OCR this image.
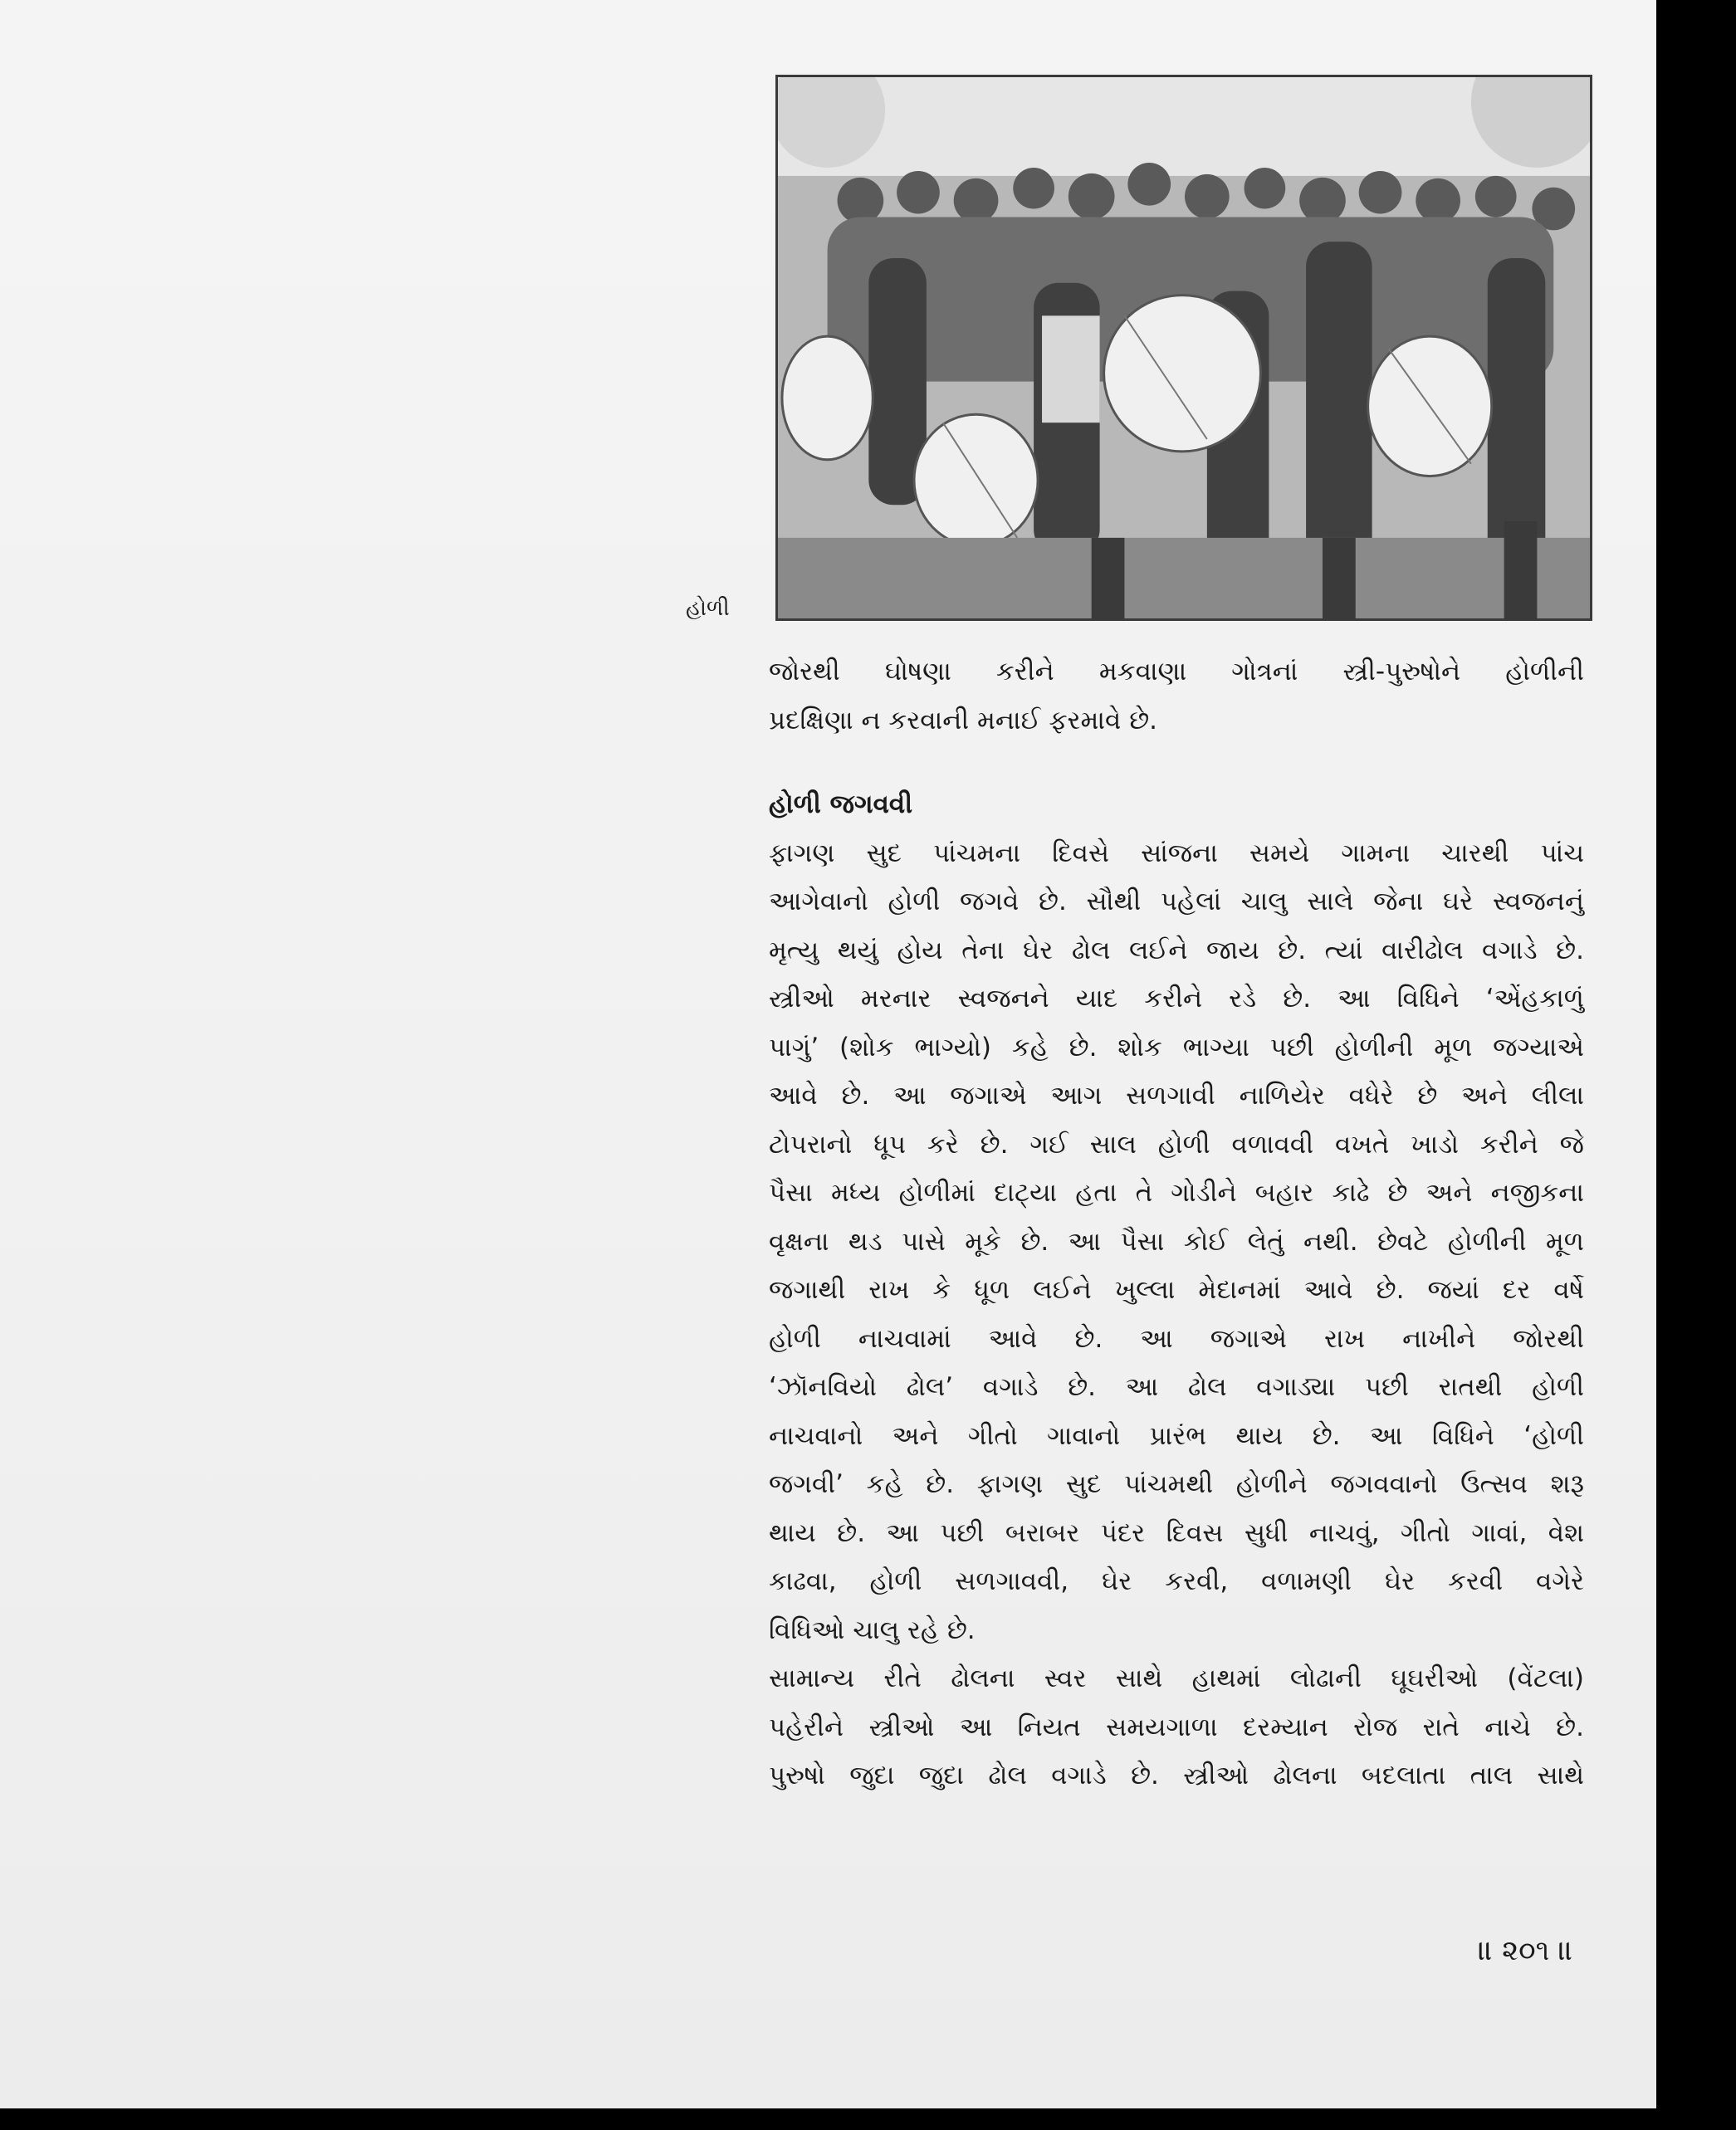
હોળી

જોરથી ઘોષણા કરીને મકવાણા ગોત્રનાં સ્ત્રી-પુરુષોને હોળીની

પ્રદક્ષિણા ન કરવાની મનાઈ ફરમાવે છે.

હોળી જગવવી

ફાગણ સુદ પાંચમના દિવસે સાંજના સમયે ગામના ચારથી પાંચ

આગેવાનો હોળી જગવે છે. સૌથી પહેલાં ચાલુ સાલે જેના ઘરે સ્વજનનું

મૃત્યુ થયું હોય તેના ઘેર ઢોલ લઈને જાય છે. ત્યાં વારીઢોલ વગાડે છે.

સ્ત્રીઓ મરનાર સ્વજનને યાદ કરીને રડે છે. આ વિધિને ‘એંહકાળું

પાગું’ (શોક ભાગ્યો) કહે છે. શોક ભાગ્યા પછી હોળીની મૂળ જગ્યાએ

આવે છે. આ જગાએ આગ સળગાવી નાળિયેર વધેરે છે અને લીલા

ટોપરાનો ધૂપ કરે છે. ગઈ સાલ હોળી વળાવવી વખતે ખાડો કરીને જે

પૈસા મધ્ય હોળીમાં દાટ્યા હતા તે ગોડીને બહાર કાઢે છે અને નજીકના

વૃક્ષના થડ પાસે મૂકે છે. આ પૈસા કોઈ લેતું નથી. છેવટે હોળીની મૂળ

જગાથી રાખ કે ધૂળ લઈને ખુલ્લા મેદાનમાં આવે છે. જયાં દર વર્ષે

હોળી નાચવામાં આવે છે. આ જગાએ રાખ નાખીને જોરથી

‘ઝૉનવિયો ઢોલ’ વગાડે છે. આ ઢોલ વગાડ્યા પછી રાતથી હોળી

નાચવાનો અને ગીતો ગાવાનો પ્રારંભ થાય છે. આ વિધિને ‘હોળી

જગવી’ કહે છે. ફાગણ સુદ પાંચમથી હોળીને જગવવાનો ઉત્સવ શરૂ

થાય છે. આ પછી બરાબર પંદર દિવસ સુધી નાચવું, ગીતો ગાવાં, વેશ

કાઢવા, હોળી સળગાવવી, ઘેર કરવી, વળામણી ઘેર કરવી વગેરે

વિધિઓ ચાલુ રહે છે.

સામાન્ય રીતે ઢોલના સ્વર સાથે હાથમાં લોઢાની ઘૂઘરીઓ (વેંટલા)

પહેરીને સ્ત્રીઓ આ નિયત સમયગાળા દરમ્યાન રોજ રાતે નાચે છે.

પુરુષો જુદા જુદા ઢોલ વગાડે છે. સ્ત્રીઓ ઢોલના બદલાતા તાલ સાથે

॥ ૨૦૧ ॥
